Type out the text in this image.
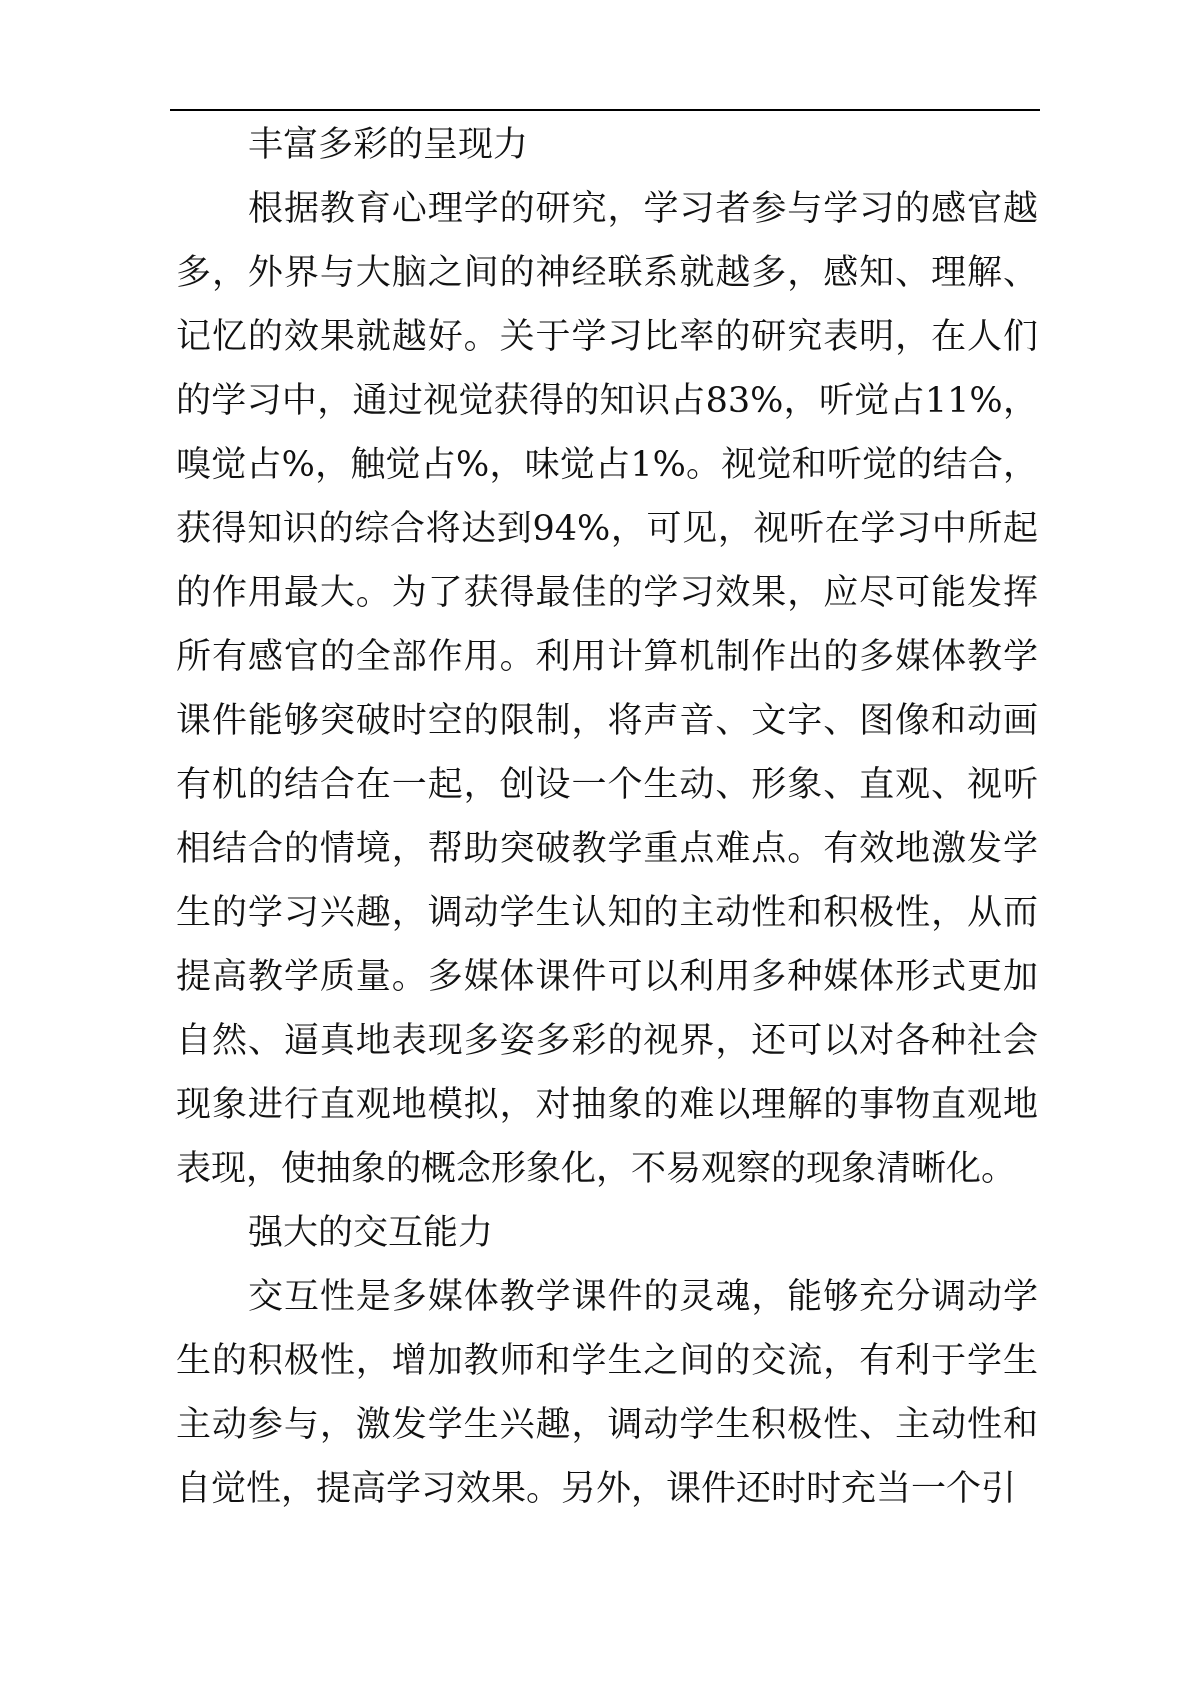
丰富多彩的呈现力

根据教育心理学的研究，学习者参与学习的感官越多，外界与大脑之间的神经联系就越多，感知、理解、记忆的效果就越好。关于学习比率的研究表明，在人们的学习中，通过视觉获得的知识占83%，听觉占11%，嗅觉占%，触觉占%，味觉占1%。视觉和听觉的结合，获得知识的综合将达到94%，可见，视听在学习中所起的作用最大。为了获得最佳的学习效果，应尽可能发挥所有感官的全部作用。利用计算机制作出的多媒体教学课件能够突破时空的限制，将声音、文字、图像和动画有机的结合在一起，创设一个生动、形象、直观、视听相结合的情境，帮助突破教学重点难点。有效地激发学生的学习兴趣，调动学生认知的主动性和积极性，从而提高教学质量。多媒体课件可以利用多种媒体形式更加自然、逼真地表现多姿多彩的视界，还可以对各种社会现象进行直观地模拟，对抽象的难以理解的事物直观地表现，使抽象的概念形象化，不易观察的现象清晰化。

强大的交互能力

交互性是多媒体教学课件的灵魂，能够充分调动学生的积极性，增加教师和学生之间的交流，有利于学生主动参与，激发学生兴趣，调动学生积极性、主动性和自觉性，提高学习效果。另外，课件还时时充当一个引
